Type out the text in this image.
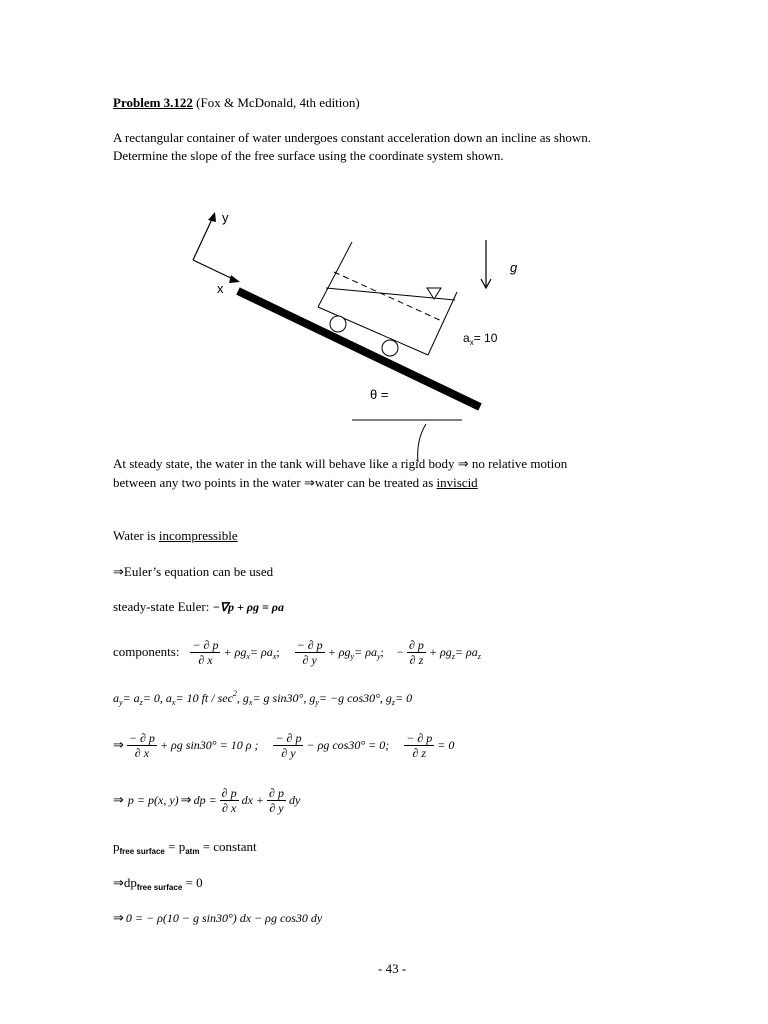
Problem 3.122 (Fox & McDonald, 4th edition)
A rectangular container of water undergoes constant acceleration down an incline as shown.
Determine the slope of the free surface using the coordinate system shown.
y
x
g
$a_x= 10$
θ =
At steady state, the water in the tank will behave like a rigid body ⇒ no relative motion
between any two points in the water ⇒water can be treated as inviscid
Water is incompressible
⇒Euler’s equation can be used
steady-state Euler: −∇p + ρg = ρa
components: $\frac{- \partial p}{\partial x} + \rho g$ x = ρa x ; $\frac{- \partial p}{\partial y} + \rho g$ y = ρa y ; − $\frac{\partial p}{\partial z} + \rho g$ z = ρa z
a y = a z = 0, a x = 10 ft / sec 2 , g x = g sin30°, g y = −g cos30°, g z = 0
⇒ $\frac{- \partial p}{\partial x} + \rho g$ sin30° = 10 ρ ; $\frac{- \partial p}{\partial y} - \rho g$ cos30° = 0; $\frac{- \partial p}{\partial z} = 0$
⇒ p = p(x, y) ⇒ dp = $\frac{\partial p}{\partial x}$ dx + $\frac{\partial p}{\partial y}$ dy
$p_{free surface} = p_{atm}$ = constant
$\Rightarrow dp_{free surface} = 0$
⇒ 0 = − ρ(10 − g sin30°) dx − ρg cos30 dy
- 43 -
